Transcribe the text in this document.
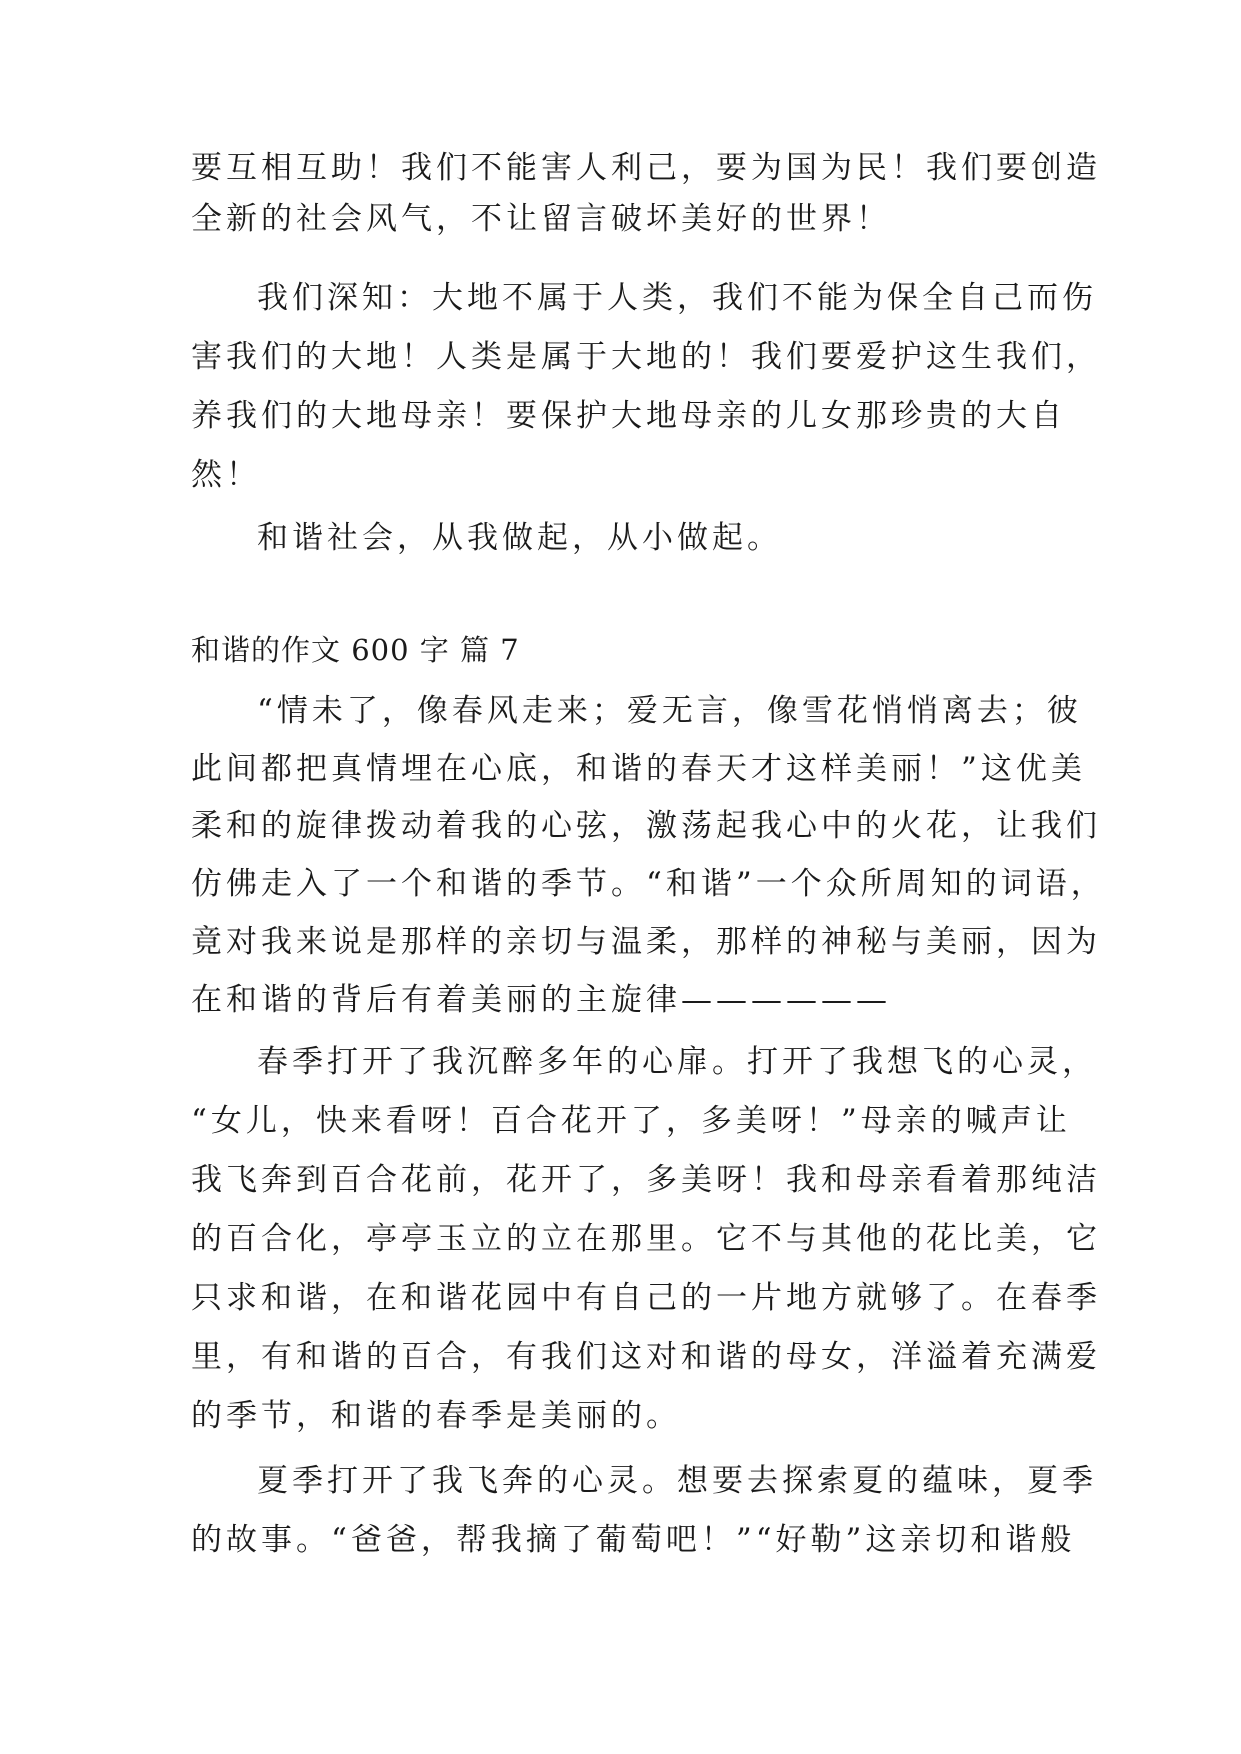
要互相互助！我们不能害人利己，要为国为民！我们要创造
全新的社会风气，不让留言破坏美好的世界！
我们深知：大地不属于人类，我们不能为保全自己而伤
害我们的大地！人类是属于大地的！我们要爱护这生我们，
养我们的大地母亲！要保护大地母亲的儿女那珍贵的大自
然！
和谐社会，从我做起，从小做起。
和谐的作文 600 字 篇 7
“情未了，像春风走来；爱无言，像雪花悄悄离去；彼
此间都把真情埋在心底，和谐的春天才这样美丽！”这优美
柔和的旋律拨动着我的心弦，激荡起我心中的火花，让我们
仿佛走入了一个和谐的季节。“和谐”一个众所周知的词语，
竟对我来说是那样的亲切与温柔，那样的神秘与美丽，因为
在和谐的背后有着美丽的主旋律——————
春季打开了我沉醉多年的心扉。打开了我想飞的心灵，
“女儿，快来看呀！百合花开了，多美呀！”母亲的喊声让
我飞奔到百合花前，花开了，多美呀！我和母亲看着那纯洁
的百合化，亭亭玉立的立在那里。它不与其他的花比美，它
只求和谐，在和谐花园中有自己的一片地方就够了。在春季
里，有和谐的百合，有我们这对和谐的母女，洋溢着充满爱
的季节，和谐的春季是美丽的。
夏季打开了我飞奔的心灵。想要去探索夏的蕴味，夏季
的故事。“爸爸，帮我摘了葡萄吧！”“好勒”这亲切和谐般
